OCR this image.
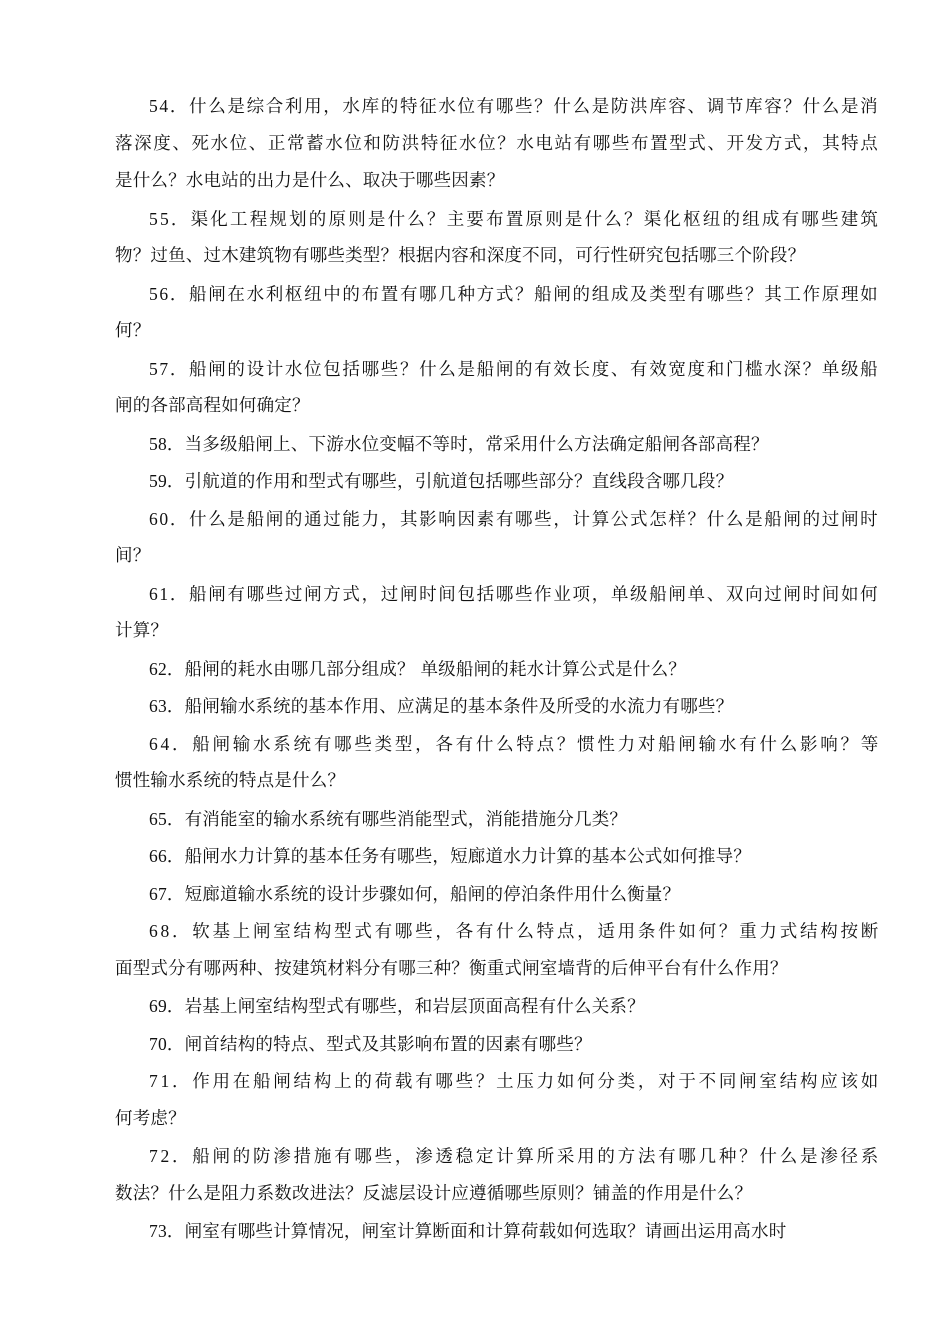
54．什么是综合利用，水库的特征水位有哪些？什么是防洪库容、调节库容？什么是消
落深度、死水位、正常蓄水位和防洪特征水位？水电站有哪些布置型式、开发方式，其特点
是什么？水电站的出力是什么、取决于哪些因素？
55．渠化工程规划的原则是什么？主要布置原则是什么？渠化枢纽的组成有哪些建筑
物？过鱼、过木建筑物有哪些类型？根据内容和深度不同，可行性研究包括哪三个阶段？
56．船闸在水利枢纽中的布置有哪几种方式？船闸的组成及类型有哪些？其工作原理如
何？
57．船闸的设计水位包括哪些？什么是船闸的有效长度、有效宽度和门槛水深？单级船
闸的各部高程如何确定？
58．当多级船闸上、下游水位变幅不等时，常采用什么方法确定船闸各部高程？
59．引航道的作用和型式有哪些，引航道包括哪些部分？直线段含哪几段？
60．什么是船闸的通过能力，其影响因素有哪些，计算公式怎样？什么是船闸的过闸时
间？
61．船闸有哪些过闸方式，过闸时间包括哪些作业项，单级船闸单、双向过闸时间如何
计算？
62．船闸的耗水由哪几部分组成？ 单级船闸的耗水计算公式是什么？
63．船闸输水系统的基本作用、应满足的基本条件及所受的水流力有哪些？
64．船闸输水系统有哪些类型，各有什么特点？惯性力对船闸输水有什么影响？等
惯性输水系统的特点是什么？
65．有消能室的输水系统有哪些消能型式，消能措施分几类？
66．船闸水力计算的基本任务有哪些，短廊道水力计算的基本公式如何推导？
67．短廊道输水系统的设计步骤如何，船闸的停泊条件用什么衡量？
68．软基上闸室结构型式有哪些，各有什么特点，适用条件如何？重力式结构按断
面型式分有哪两种、按建筑材料分有哪三种？衡重式闸室墙背的后伸平台有什么作用？
69．岩基上闸室结构型式有哪些，和岩层顶面高程有什么关系？
70．闸首结构的特点、型式及其影响布置的因素有哪些？
71．作用在船闸结构上的荷载有哪些？土压力如何分类，对于不同闸室结构应该如
何考虑？
72．船闸的防渗措施有哪些，渗透稳定计算所采用的方法有哪几种？什么是渗径系
数法？什么是阻力系数改进法？反滤层设计应遵循哪些原则？铺盖的作用是什么？
73．闸室有哪些计算情况，闸室计算断面和计算荷载如何选取？请画出运用高水时
